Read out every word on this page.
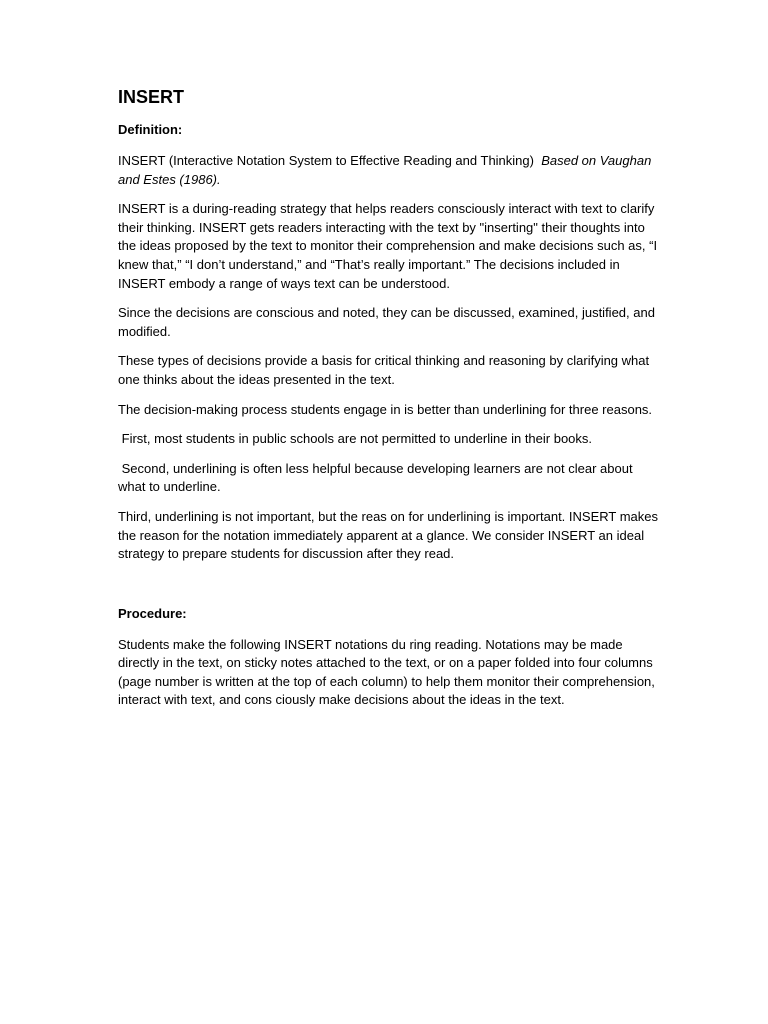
INSERT
Definition:

INSERT (Interactive Notation System to Effective Reading and Thinking)  Based on Vaughan and Estes (1986).

INSERT is a during-reading strategy that helps readers consciously interact with text to clarify their thinking. INSERT gets readers interacting with the text by "inserting" their thoughts into the ideas proposed by the text to monitor their comprehension and make decisions such as, “I knew that,” “I don’t understand,” and “That’s really important.” The decisions included in INSERT embody a range of ways text can be understood.

Since the decisions are conscious and noted, they can be discussed, examined, justified, and modified.

These types of decisions provide a basis for critical thinking and reasoning by clarifying what one thinks about the ideas presented in the text.

The decision-making process students engage in is better than underlining for three reasons.

First, most students in public schools are not permitted to underline in their books.

Second, underlining is often less helpful because developing learners are not clear about what to underline.

Third, underlining is not important, but the reas on for underlining is important. INSERT makes the reason for the notation immediately apparent at a glance. We consider INSERT an ideal strategy to prepare students for discussion after they read.

Procedure:

Students make the following INSERT notations du ring reading. Notations may be made directly in the text, on sticky notes attached to the text, or on a paper folded into four columns (page number is written at the top of each column) to help them monitor their comprehension, interact with text, and cons ciously make decisions about the ideas in the text.
